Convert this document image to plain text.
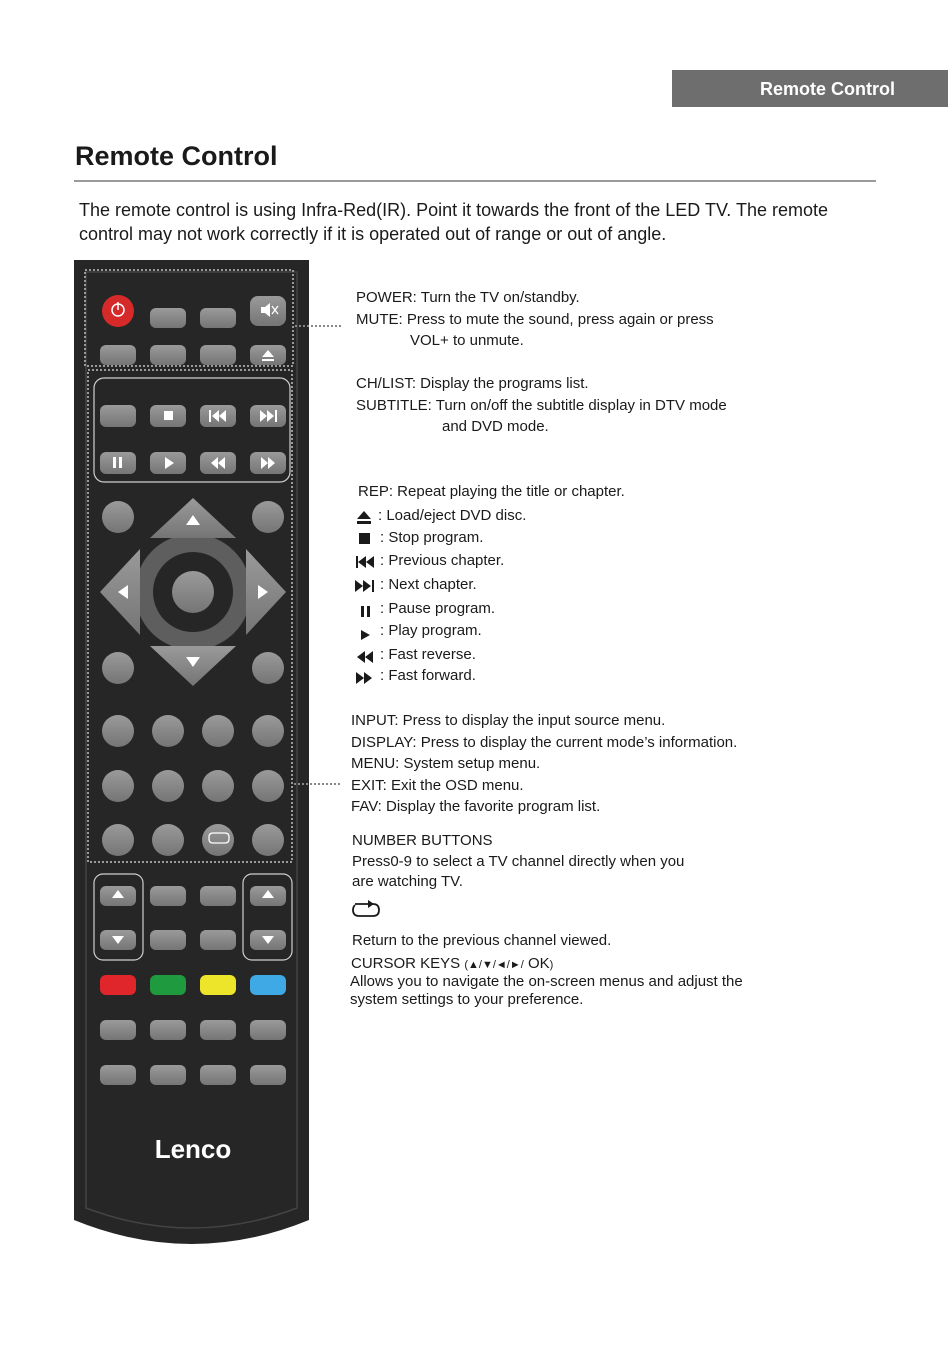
Remote Control
Remote Control
The remote control is using Infra-Red(IR). Point it towards the front of the LED TV. The remote
control may not work correctly if it is operated out of range or out of angle.
Lenco
POWER: Turn the TV on/standby.
MUTE: Press to mute the sound, press again or press
VOL+ to unmute.
CH/LIST: Display the programs list.
SUBTITLE: Turn on/off the subtitle display in DTV mode
and DVD mode.
REP: Repeat playing the title or chapter.
: Load/eject DVD disc.
: Stop program.
: Previous chapter.
: Next chapter.
: Pause program.
: Play program.
: Fast reverse.
: Fast forward.
INPUT: Press to display the input source menu.
DISPLAY: Press to display the current mode’s information.
MENU: System setup menu.
EXIT: Exit the OSD menu.
FAV: Display the favorite program list.
NUMBER BUTTONS
Press0-9 to select a TV channel directly when you
are watching TV.
Return to the previous channel viewed.
CURSOR KEYS (▲/▼/◄/►/ OK)
Allows you to navigate the on-screen menus and adjust the
system settings to your preference.
